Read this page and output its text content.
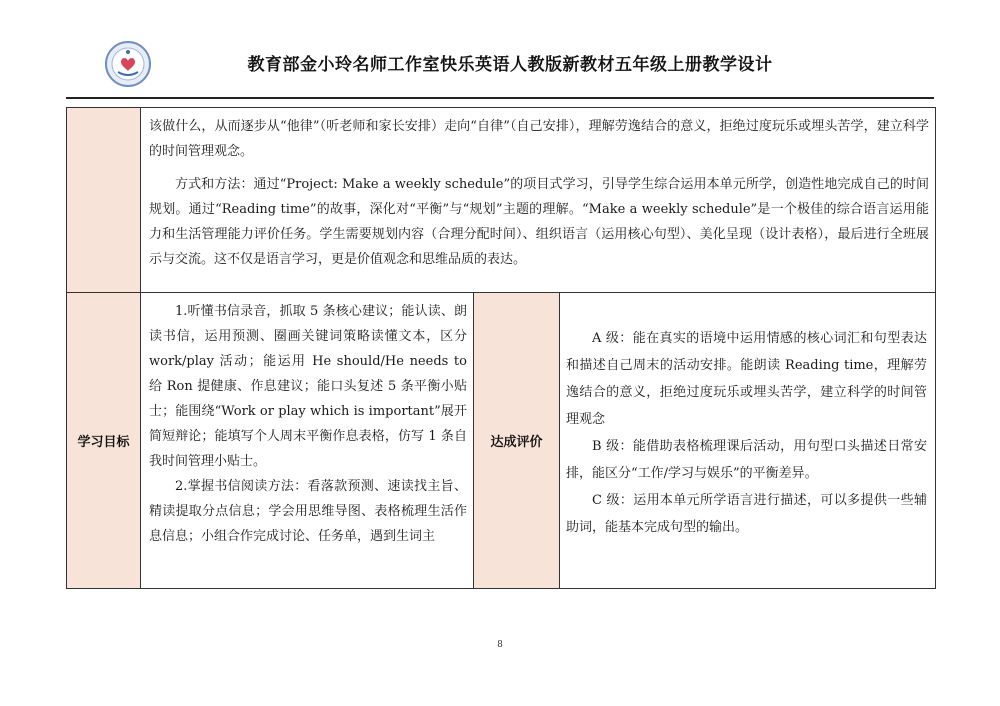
教育部金小玲名师工作室快乐英语人教版新教材五年级上册教学设计

该做什么，从而逐步从“他律”（听老师和家长安排）走向“自律”（自己安排），理解劳逸结合的意义，拒绝过度玩乐或埋头苦学，建立科学的时间管理观念。

方式和方法：通过“Project: Make a weekly schedule”的项目式学习，引导学生综合运用本单元所学，创造性地完成自己的时间规划。通过“Reading time”的故事，深化对“平衡”与“规划”主题的理解。“Make a weekly schedule”是一个极佳的综合语言运用能力和生活管理能力评价任务。学生需要规划内容（合理分配时间）、组织语言（运用核心句型）、美化呈现（设计表格），最后进行全班展示与交流。这不仅是语言学习，更是价值观念和思维品质的表达。

学习目标

1.听懂书信录音，抓取 5 条核心建议；能认读、朗读书信，运用预测、圈画关键词策略读懂文本，区分 work/play 活动；能运用 He should/He needs to 给 Ron 提健康、作息建议；能口头复述 5 条平衡小贴士；能围绕“Work or play which is important”展开简短辩论；能填写个人周末平衡作息表格，仿写 1 条自我时间管理小贴士。

2.掌握书信阅读方法：看落款预测、速读找主旨、精读提取分点信息；学会用思维导图、表格梳理生活作息信息；小组合作完成讨论、任务单，遇到生词主

达成评价

A 级：能在真实的语境中运用情感的核心词汇和句型表达和描述自己周末的活动安排。能朗读 Reading time，理解劳逸结合的意义，拒绝过度玩乐或埋头苦学，建立科学的时间管理观念

B 级：能借助表格梳理课后活动，用句型口头描述日常安排，能区分“工作/学习与娱乐”的平衡差异。

C 级：运用本单元所学语言进行描述，可以多提供一些辅助词，能基本完成句型的输出。

8
